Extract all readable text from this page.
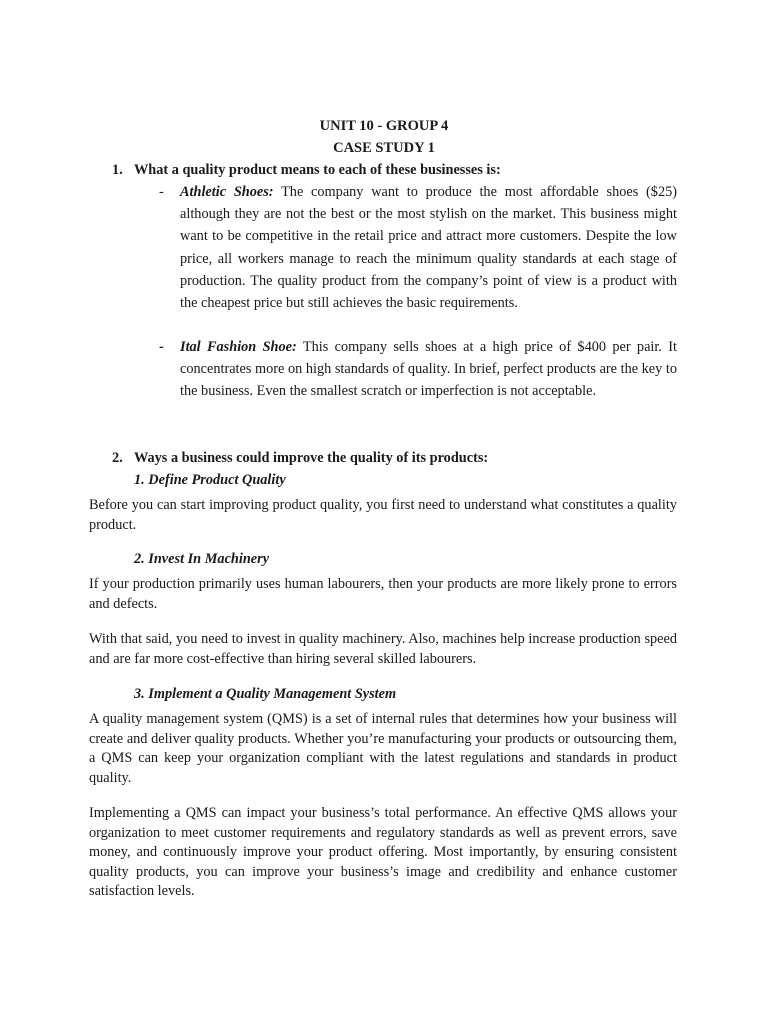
UNIT 10 - GROUP 4
CASE STUDY 1
1. What a quality product means to each of these businesses is:
- Athletic Shoes: The company want to produce the most affordable shoes ($25) although they are not the best or the most stylish on the market. This business might want to be competitive in the retail price and attract more customers. Despite the low price, all workers manage to reach the minimum quality standards at each stage of production. The quality product from the company’s point of view is a product with the cheapest price but still achieves the basic requirements.
- Ital Fashion Shoe: This company sells shoes at a high price of $400 per pair. It concentrates more on high standards of quality. In brief, perfect products are the key to the business. Even the smallest scratch or imperfection is not acceptable.
2. Ways a business could improve the quality of its products:
1. Define Product Quality
Before you can start improving product quality, you first need to understand what constitutes a quality product.
2. Invest In Machinery
If your production primarily uses human labourers, then your products are more likely prone to errors and defects.
With that said, you need to invest in quality machinery. Also, machines help increase production speed and are far more cost-effective than hiring several skilled labourers.
3. Implement a Quality Management System
A quality management system (QMS) is a set of internal rules that determines how your business will create and deliver quality products. Whether you’re manufacturing your products or outsourcing them, a QMS can keep your organization compliant with the latest regulations and standards in product quality.
Implementing a QMS can impact your business’s total performance. An effective QMS allows your organization to meet customer requirements and regulatory standards as well as prevent errors, save money, and continuously improve your product offering. Most importantly, by ensuring consistent quality products, you can improve your business’s image and credibility and enhance customer satisfaction levels.
